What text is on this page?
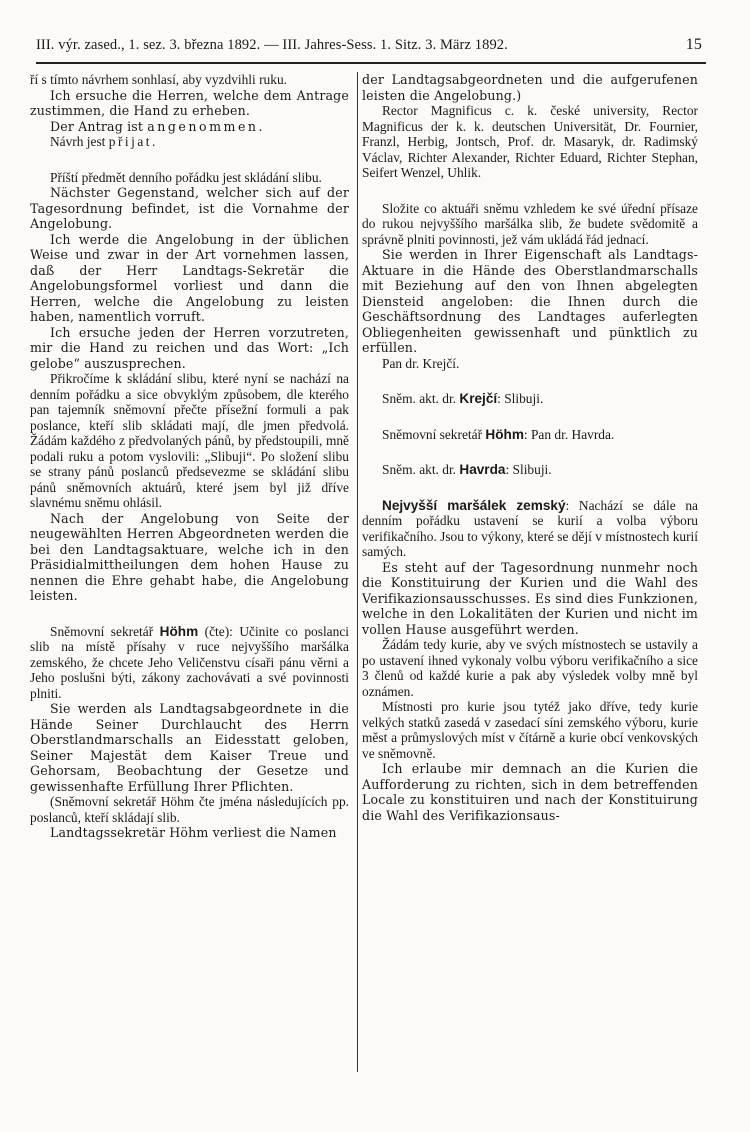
III. výr. zased., 1. sez. 3. března 1892. — III. Jahres-Sess. 1. Sitz. 3. März 1892.	15

ří s tímto návrhem sonhlasí, aby vyzdvihli ruku.

Ich ersuche die Herren, welche dem Antrage zustimmen, die Hand zu erheben.

Der Antrag ist angenommen.

Návrh jest přijat.

Příští předmět denního pořádku jest skládání slibu.

Nächster Gegenstand, welcher sich auf der Tagesordnung befindet, ist die Vornahme der Angelobung.

Ich werde die Angelobung in der üblichen Weise und zwar in der Art vornehmen lassen, daß der Herr Landtags-Sekretär die Angelobungsformel vorliest und dann die Herren, welche die Angelobung zu leisten haben, namentlich vorruft.

Ich ersuche jeden der Herren vorzutreten, mir die Hand zu reichen und das Wort: „Ich gelobe“ auszusprechen.

Přikročíme k skládání slibu, které nyní se nachází na denním pořádku a sice obvyklým způsobem, dle kterého pan tajemník sněmovní přečte přísežní formuli a pak poslance, kteří slib skládati mají, dle jmen předvolá. Žádám každého z předvolaných pánů, by předstoupili, mně podali ruku a potom vyslovili: „Slibuji“. Po složení slibu se strany pánů poslanců předsevezme se skládání slibu pánů sněmovních aktuárů, které jsem byl již dříve slavnému sněmu ohlásil.

Nach der Angelobung von Seite der neugewählten Herren Abgeordneten werden die bei den Landtagsaktuare, welche ich in den Präsidialmittheilungen dem hohen Hause zu nennen die Ehre gehabt habe, die Angelobung leisten.

Sněmovní sekretář Höhm (čte): Učinite co poslanci slib na místě přísahy v ruce nejvyššího maršálka zemského, že chcete Jeho Veličenstvu císaři pánu věrni a Jeho poslušni býti, zákony zachovávati a své povinnosti plniti.

Sie werden als Landtagsabgeordnete in die Hände Seiner Durchlaucht des Herrn Oberstlandmarschalls an Eidesstatt geloben, Seiner Majestät dem Kaiser Treue und Gehorsam, Beobachtung der Gesetze und gewissenhafte Erfüllung Ihrer Pflichten.

(Sněmovní sekretář Höhm čte jména následujících pp. poslanců, kteří skládají slib.

Landtagssekretär Höhm verliest die Namen

der Landtagsabgeordneten und die aufgerufenen leisten die Angelobung.)

Rector Magnificus c. k. české university, Rector Magnificus der k. k. deutschen Universität, Dr. Fournier, Franzl, Herbig, Jontsch, Prof. dr. Masaryk, dr. Radimský Václav, Richter Alexander, Richter Eduard, Richter Stephan, Seifert Wenzel, Uhlik.

Složite co aktuáři sněmu vzhledem ke své úřední přísaze do rukou nejvyššího maršálka slib, že budete svědomitě a správně plniti povinnosti, jež vám ukládá řád jednací.

Sie werden in Ihrer Eigenschaft als Landtags-Aktuare in die Hände des Oberstlandmarschalls mit Beziehung auf den von Ihnen abgelegten Diensteid angeloben: die Ihnen durch die Geschäftsordnung des Landtages auferlegten Obliegenheiten gewissenhaft und pünktlich zu erfüllen.

Pan dr. Krejčí.

Sněm. akt. dr. Krejčí: Slibuji.

Sněmovní sekretář Höhm: Pan dr. Havrda.

Sněm. akt. dr. Havrda: Slibuji.

Nejvyšší maršálek zemský: Nachází se dále na denním pořádku ustavení se kurií a volba výboru verifikačního. Jsou to výkony, které se dějí v místnostech kurií samých.

Es steht auf der Tagesordnung nunmehr noch die Konstituirung der Kurien und die Wahl des Verifikazionsausschusses. Es sind dies Funkzionen, welche in den Lokalitäten der Kurien und nicht im vollen Hause ausgeführt werden.

Žádám tedy kurie, aby ve svých místnostech se ustavily a po ustavení ihned vykonaly volbu výboru verifikačního a sice 3 členů od každé kurie a pak aby výsledek volby mně byl oznámen.

Místnosti pro kurie jsou tytéž jako dříve, tedy kurie velkých statků zasedá v zasedací síni zemského výboru, kurie měst a průmyslových míst v čítárně a kurie obcí venkovských ve sněmovně.

Ich erlaube mir demnach an die Kurien die Aufforderung zu richten, sich in dem betreffenden Locale zu konstituiren und nach der Konstituirung die Wahl des Verifikazionsaus-
